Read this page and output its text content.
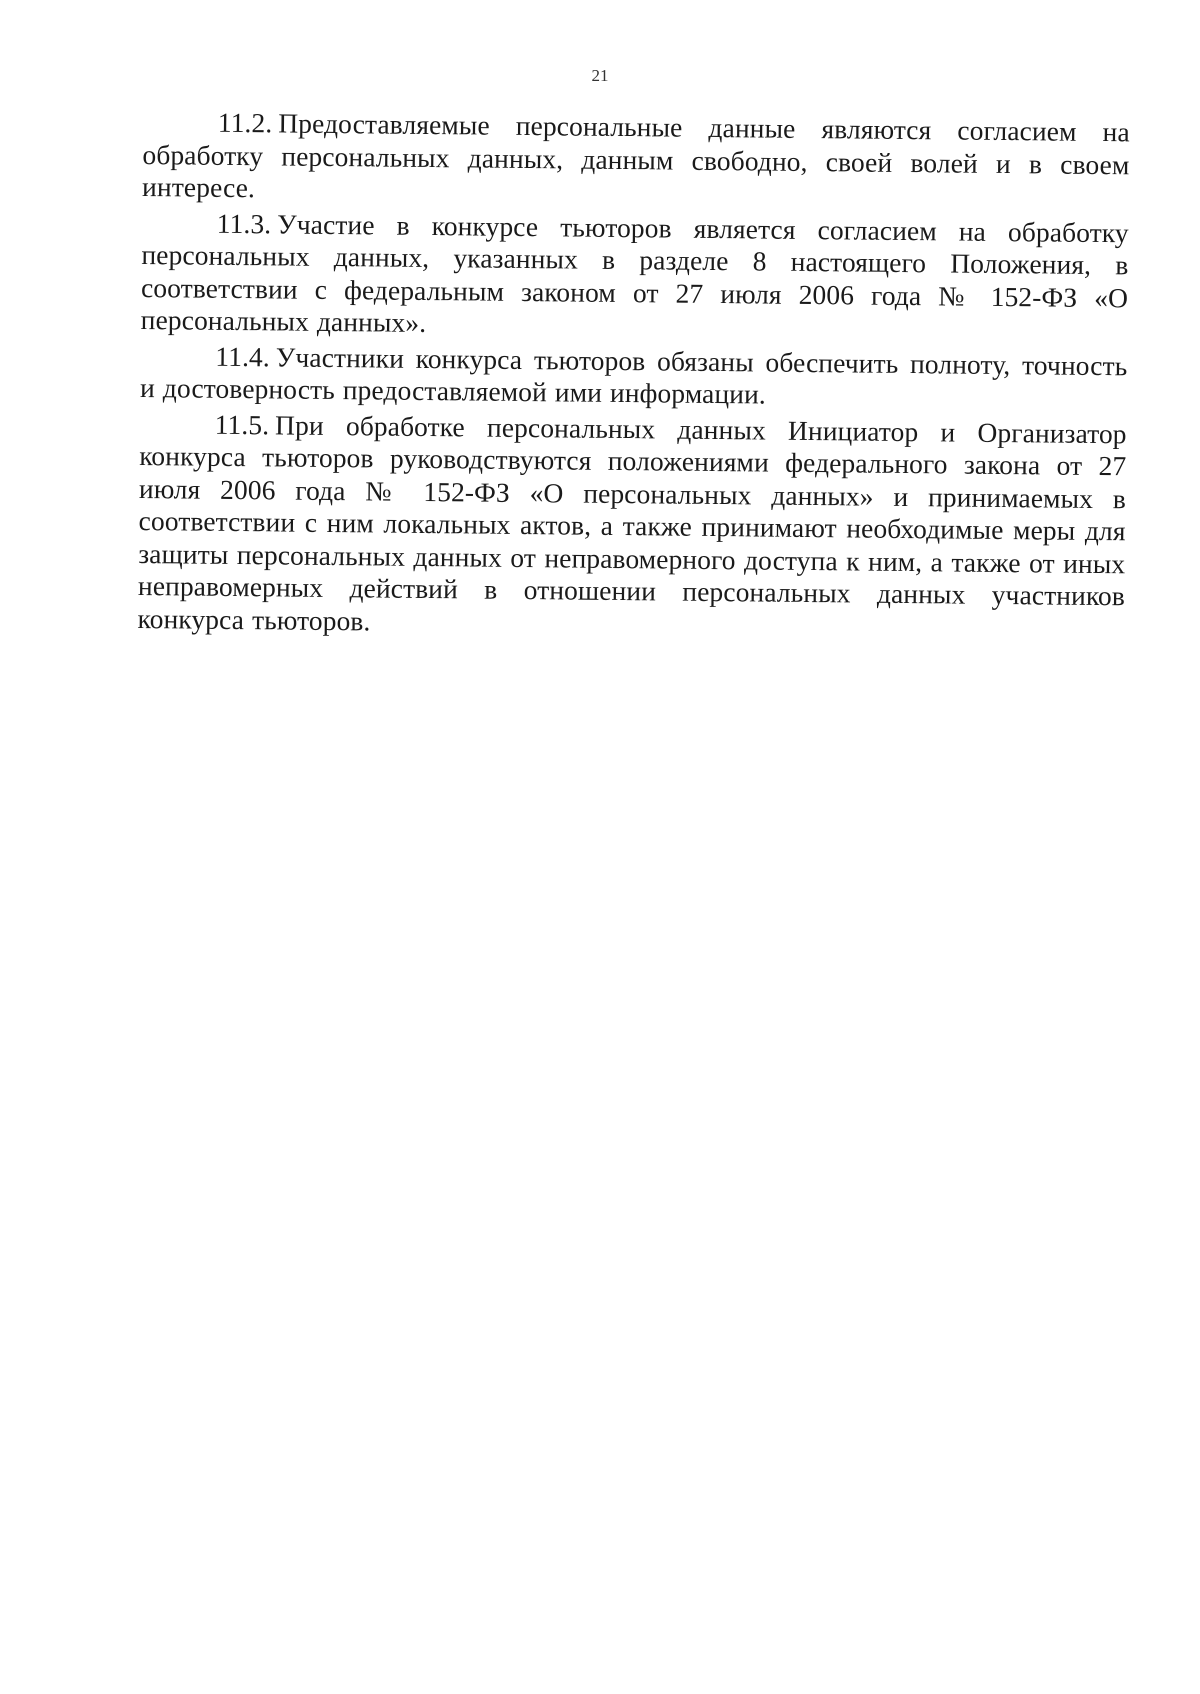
21

11.2. Предоставляемые персональные данные являются согласием на обработку персональных данных, данным свободно, своей волей и в своем интересе.

11.3. Участие в конкурсе тьюторов является согласием на обработку персональных данных, указанных в разделе 8 настоящего Положения, в соответствии с федеральным законом от 27 июля 2006 года № 152-ФЗ «О персональных данных».

11.4. Участники конкурса тьюторов обязаны обеспечить полноту, точность и достоверность предоставляемой ими информации.

11.5. При обработке персональных данных Инициатор и Организатор конкурса тьюторов руководствуются положениями федерального закона от 27 июля 2006 года № 152-ФЗ «О персональных данных» и принимаемых в соответствии с ним локальных актов, а также принимают необходимые меры для защиты персональных данных от неправомерного доступа к ним, а также от иных неправомерных действий в отношении персональных данных участников конкурса тьюторов.
